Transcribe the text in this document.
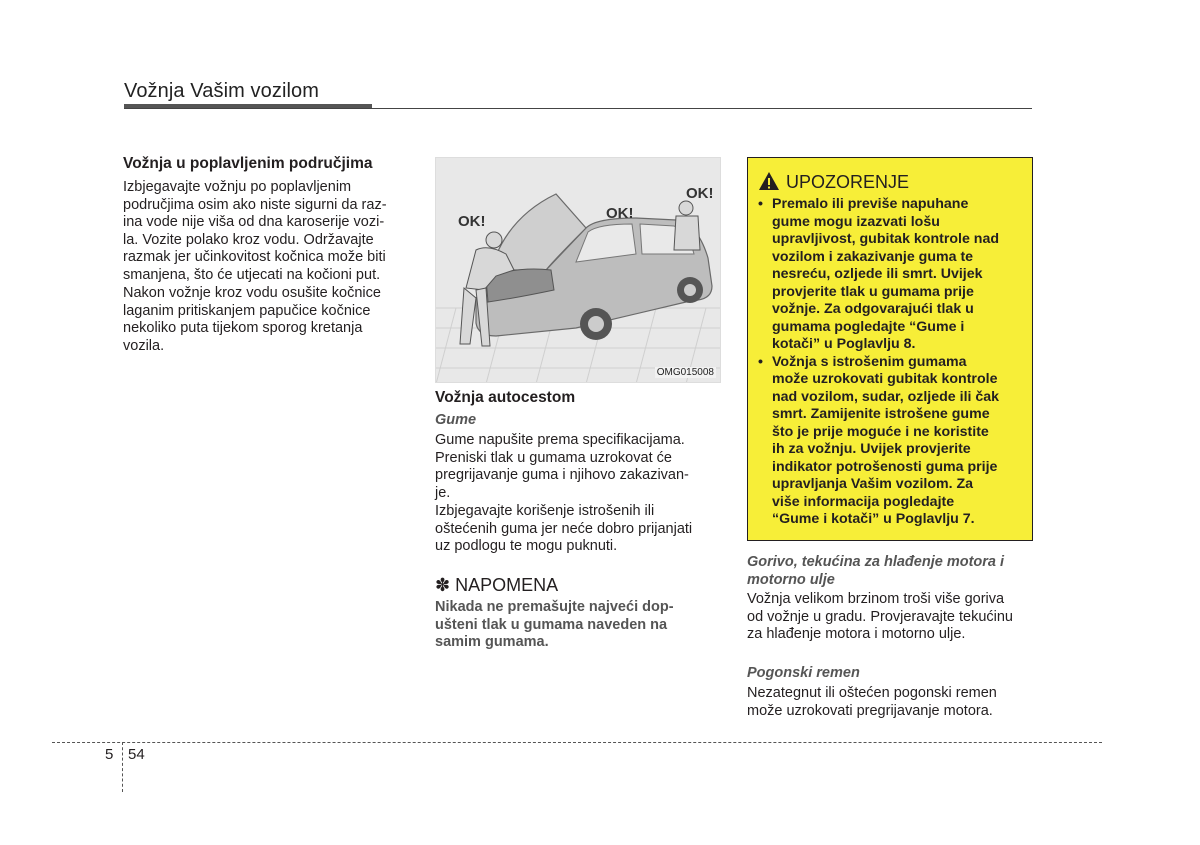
Vožnja Vašim vozilom
Vožnja u poplavljenim područjima
Izbjegavajte vožnju po poplavljenim
područjima osim ako niste sigurni da raz-
ina vode nije viša od dna karoserije vozi-
la. Vozite polako kroz vodu. Održavajte
razmak jer učinkovitost kočnica može biti
smanjena, što će utjecati na kočioni put.
Nakon vožnje kroz vodu osušite kočnice
laganim pritiskanjem papučice kočnice
nekoliko puta tijekom sporog kretanja
vozila.
OK!	OK!
OK!
OMG015008
Vožnja autocestom
Gume
Gume napušite prema specifikacijama.
Preniski tlak u gumama uzrokovat će
pregrijavanje guma i njihovo zakazivan-
je.
Izbjegavajte korišenje istrošenih ili
oštećenih guma jer neće dobro prijanjati
uz podlogu te mogu puknuti.
✽ NAPOMENA
Nikada ne premašujte najveći dop-
ušteni tlak u gumama naveden na
samim gumama.
UPOZORENJE
• Premalo ili previše napuhane
gume mogu izazvati lošu
upravljivost, gubitak kontrole nad
vozilom i zakazivanje guma te
nesreću, ozljede ili smrt. Uvijek
provjerite tlak u gumama prije
vožnje. Za odgovarajući tlak u
gumama pogledajte “Gume i
kotači” u Poglavlju 8.
• Vožnja s istrošenim gumama
može uzrokovati gubitak kontrole
nad vozilom, sudar, ozljede ili čak
smrt. Zamijenite istrošene gume
što je prije moguće i ne koristite
ih za vožnju. Uvijek provjerite
indikator potrošenosti guma prije
upravljanja Vašim vozilom. Za
više informacija pogledajte
“Gume i kotači” u Poglavlju 7.
Gorivo, tekućina za hlađenje motora i
motorno ulje
Vožnja velikom brzinom troši više goriva
od vožnje u gradu. Provjeravajte tekućinu
za hlađenje motora i motorno ulje.
Pogonski remen
Nezategnut ili oštećen pogonski remen
može uzrokovati pregrijavanje motora.
5 54
